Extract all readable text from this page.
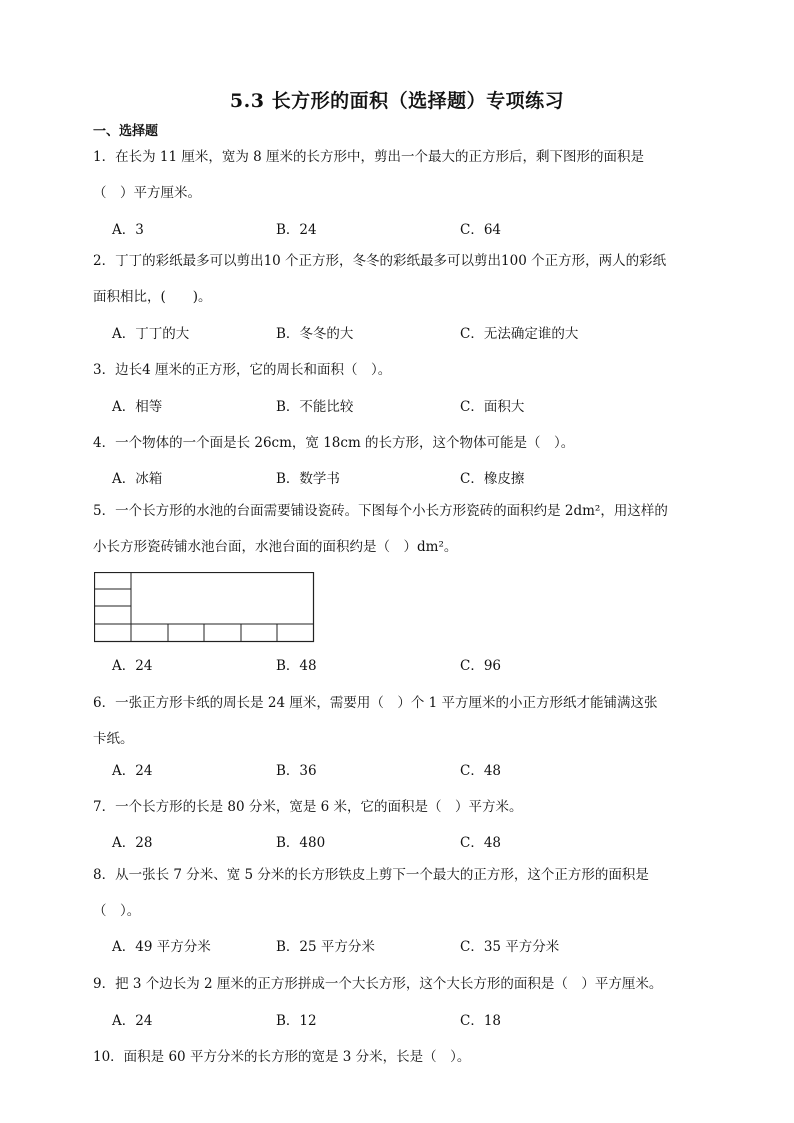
5.3 长方形的面积（选择题）专项练习
一、选择题
1．在长为 11 厘米，宽为 8 厘米的长方形中，剪出一个最大的正方形后，剩下图形的面积是
（　）平方厘米。
A．3	B．24	C．64
2．丁丁的彩纸最多可以剪出10 个正方形，冬冬的彩纸最多可以剪出100 个正方形，两人的彩纸
面积相比，(　　)。
A．丁丁的大	B．冬冬的大	C．无法确定谁的大
3．边长4 厘米的正方形，它的周长和面积（　）。
A．相等	B．不能比较	C．面积大
4．一个物体的一个面是长 26cm，宽 18cm 的长方形，这个物体可能是（　）。
A．冰箱	B．数学书	C．橡皮擦
5．一个长方形的水池的台面需要铺设瓷砖。下图每个小长方形瓷砖的面积约是 2dm²，用这样的
小长方形瓷砖铺水池台面，水池台面的面积约是（　）dm²。
A．24	B．48	C．96
6．一张正方形卡纸的周长是 24 厘米，需要用（　）个 1 平方厘米的小正方形纸才能铺满这张
卡纸。
A．24	B．36	C．48
7．一个长方形的长是 80 分米，宽是 6 米，它的面积是（　）平方米。
A．28	B．480	C．48
8．从一张长 7 分米、宽 5 分米的长方形铁皮上剪下一个最大的正方形，这个正方形的面积是
（　）。
A．49 平方分米	B．25 平方分米	C．35 平方分米
9．把 3 个边长为 2 厘米的正方形拼成一个大长方形，这个大长方形的面积是（　）平方厘米。
A．24	B．12	C．18
10．面积是 60 平方分米的长方形的宽是 3 分米，长是（　）。
